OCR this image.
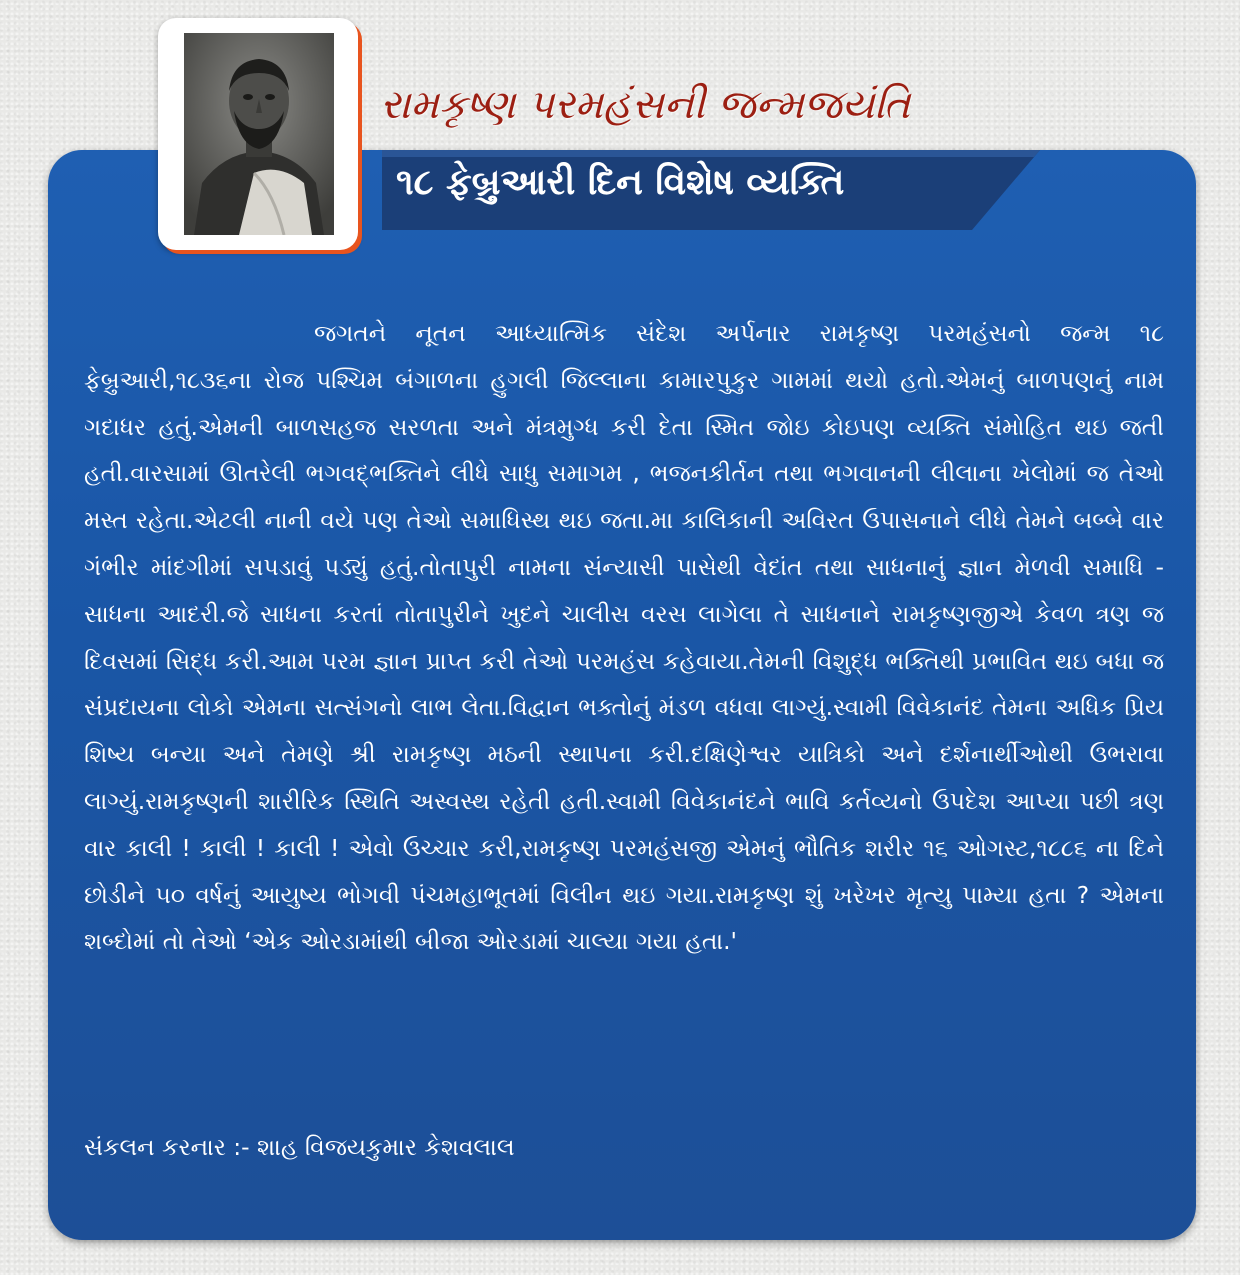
રામકૃષ્ણ પરમહંસની જન્મજયંતિ
૧૮ ફેબ્રુઆરી દિન વિશેષ વ્યક્તિ
જગતને નૂતન આધ્યાત્મિક સંદેશ અર્પનાર રામકૃષ્ણ પરમહંસનો જન્મ ૧૮ ફેબ્રુઆરી,૧૮૩૬ના રોજ પશ્ચિમ બંગાળના હુગલી જિલ્લાના કામારપુકુર ગામમાં થયો હતો.એમનું બાળપણનું નામ ગદાધર હતું.એમની બાળસહજ સરળતા અને મંત્રમુગ્ધ કરી દેતા સ્મિત જોઇ કોઇપણ વ્યક્તિ સંમોહિત થઇ જતી હતી.વારસામાં ઊતરેલી ભગવદ્ભક્તિને લીધે સાધુ સમાગમ , ભજનકીર્તન તથા ભગવાનની લીલાના ખેલોમાં જ તેઓ મસ્ત રહેતા.એટલી નાની વયે પણ તેઓ સમાધિસ્થ થઇ જતા.મા કાલિકાની અવિરત ઉપાસનાને લીધે તેમને બબ્બે વાર ગંભીર માંદગીમાં સપડાવું પડ્યું હતું.તોતાપુરી નામના સંન્યાસી પાસેથી વેદાંત તથા સાધનાનું જ્ઞાન મેળવી સમાધિ - સાધના આદરી.જે સાધના કરતાં તોતાપુરીને ખુદને ચાલીસ વરસ લાગેલા તે સાધનાને રામકૃષ્ણજીએ કેવળ ત્રણ જ દિવસમાં સિદ્ધ કરી.આમ પરમ જ્ઞાન પ્રાપ્ત કરી તેઓ પરમહંસ કહેવાયા.તેમની વિશુદ્ધ ભક્તિથી પ્રભાવિત થઇ બધા જ સંપ્રદાયના લોકો એમના સત્સંગનો લાભ લેતા.વિદ્વાન ભક્તોનું મંડળ વધવા લાગ્યું.સ્વામી વિવેકાનંદ તેમના અધિક પ્રિય શિષ્ય બન્યા અને તેમણે શ્રી રામકૃષ્ણ મઠની સ્થાપના કરી.દક્ષિણેશ્વર યાત્રિકો અને દર્શનાર્થીઓથી ઉભરાવા લાગ્યું.રામકૃષ્ણની શારીરિક સ્થિતિ અસ્વસ્થ રહેતી હતી.સ્વામી વિવેકાનંદને ભાવિ કર્તવ્યનો ઉપદેશ આપ્યા પછી ત્રણ વાર કાલી ! કાલી ! કાલી ! એવો ઉચ્ચાર કરી,રામકૃષ્ણ પરમહંસજી એમનું ભૌતિક શરીર ૧૬ ઓગસ્ટ,૧૮૮૬ ના દિને છોડીને ૫૦ વર્ષનું આયુષ્ય ભોગવી પંચમહાભૂતમાં વિલીન થઇ ગયા.રામકૃષ્ણ શું ખરેખર મૃત્યુ પામ્યા હતા ? એમના શબ્દોમાં તો તેઓ ‘એક ઓરડામાંથી બીજા ઓરડામાં ચાલ્યા ગયા હતા.'
સંકલન કરનાર :- શાહ વિજયકુમાર કેશવલાલ
